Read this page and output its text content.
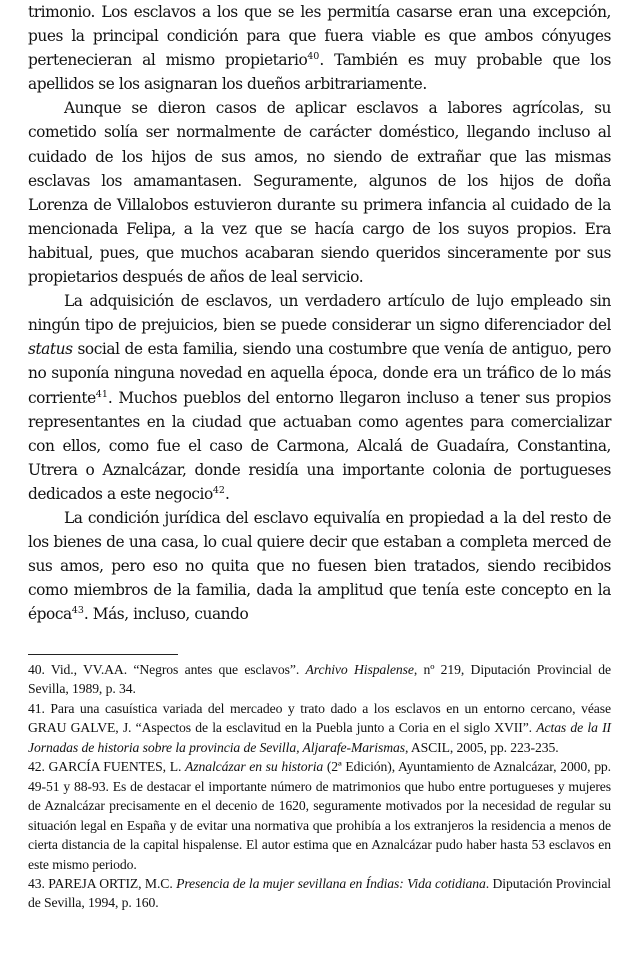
trimonio. Los esclavos a los que se les permitía casarse eran una excepción, pues la principal condición para que fuera viable es que ambos cónyuges pertenecieran al mismo propietario$^{40}$. También es muy probable que los apellidos se los asignaran los dueños arbitrariamente.

Aunque se dieron casos de aplicar esclavos a labores agrícolas, su cometido solía ser normalmente de carácter doméstico, llegando incluso al cuidado de los hijos de sus amos, no siendo de extrañar que las mismas esclavas los amamantasen. Seguramente, algunos de los hijos de doña Lorenza de Villalobos estuvieron durante su primera infancia al cuidado de la mencionada Felipa, a la vez que se hacía cargo de los suyos propios. Era habitual, pues, que muchos acabaran siendo queridos sinceramente por sus propietarios después de años de leal servicio.

La adquisición de esclavos, un verdadero artículo de lujo empleado sin ningún tipo de prejuicios, bien se puede considerar un signo diferenciador del status social de esta familia, siendo una costumbre que venía de antiguo, pero no suponía ninguna novedad en aquella época, donde era un tráfico de lo más corriente$^{41}$. Muchos pueblos del entorno llegaron incluso a tener sus propios representantes en la ciudad que actuaban como agentes para comercializar con ellos, como fue el caso de Carmona, Alcalá de Guadaíra, Constantina, Utrera o Aznalcázar, donde residía una importante colonia de portugueses dedicados a este negocio$^{42}$.

La condición jurídica del esclavo equivalía en propiedad a la del resto de los bienes de una casa, lo cual quiere decir que estaban a completa merced de sus amos, pero eso no quita que no fuesen bien tratados, siendo recibidos como miembros de la familia, dada la amplitud que tenía este concepto en la época$^{43}$. Más, incluso, cuando

40. Vid., VV.AA. “Negros antes que esclavos”. Archivo Hispalense, nº 219, Diputación Provincial de Sevilla, 1989, p. 34.

41. Para una casuística variada del mercadeo y trato dado a los esclavos en un entorno cercano, véase GRAU GALVE, J. “Aspectos de la esclavitud en la Puebla junto a Coria en el siglo XVII”. Actas de la II Jornadas de historia sobre la provincia de Sevilla, Aljarafe-Marismas, ASCIL, 2005, pp. 223-235.

42. GARCÍA FUENTES, L. Aznalcázar en su historia (2ª Edición), Ayuntamiento de Aznalcázar, 2000, pp. 49-51 y 88-93. Es de destacar el importante número de matrimonios que hubo entre portugueses y mujeres de Aznalcázar precisamente en el decenio de 1620, seguramente motivados por la necesidad de regular su situación legal en España y de evitar una normativa que prohibía a los extranjeros la residencia a menos de cierta distancia de la capital hispalense. El autor estima que en Aznalcázar pudo haber hasta 53 esclavos en este mismo periodo.

43. PAREJA ORTIZ, M.C. Presencia de la mujer sevillana en Índias: Vida cotidiana. Diputación Provincial de Sevilla, 1994, p. 160.
